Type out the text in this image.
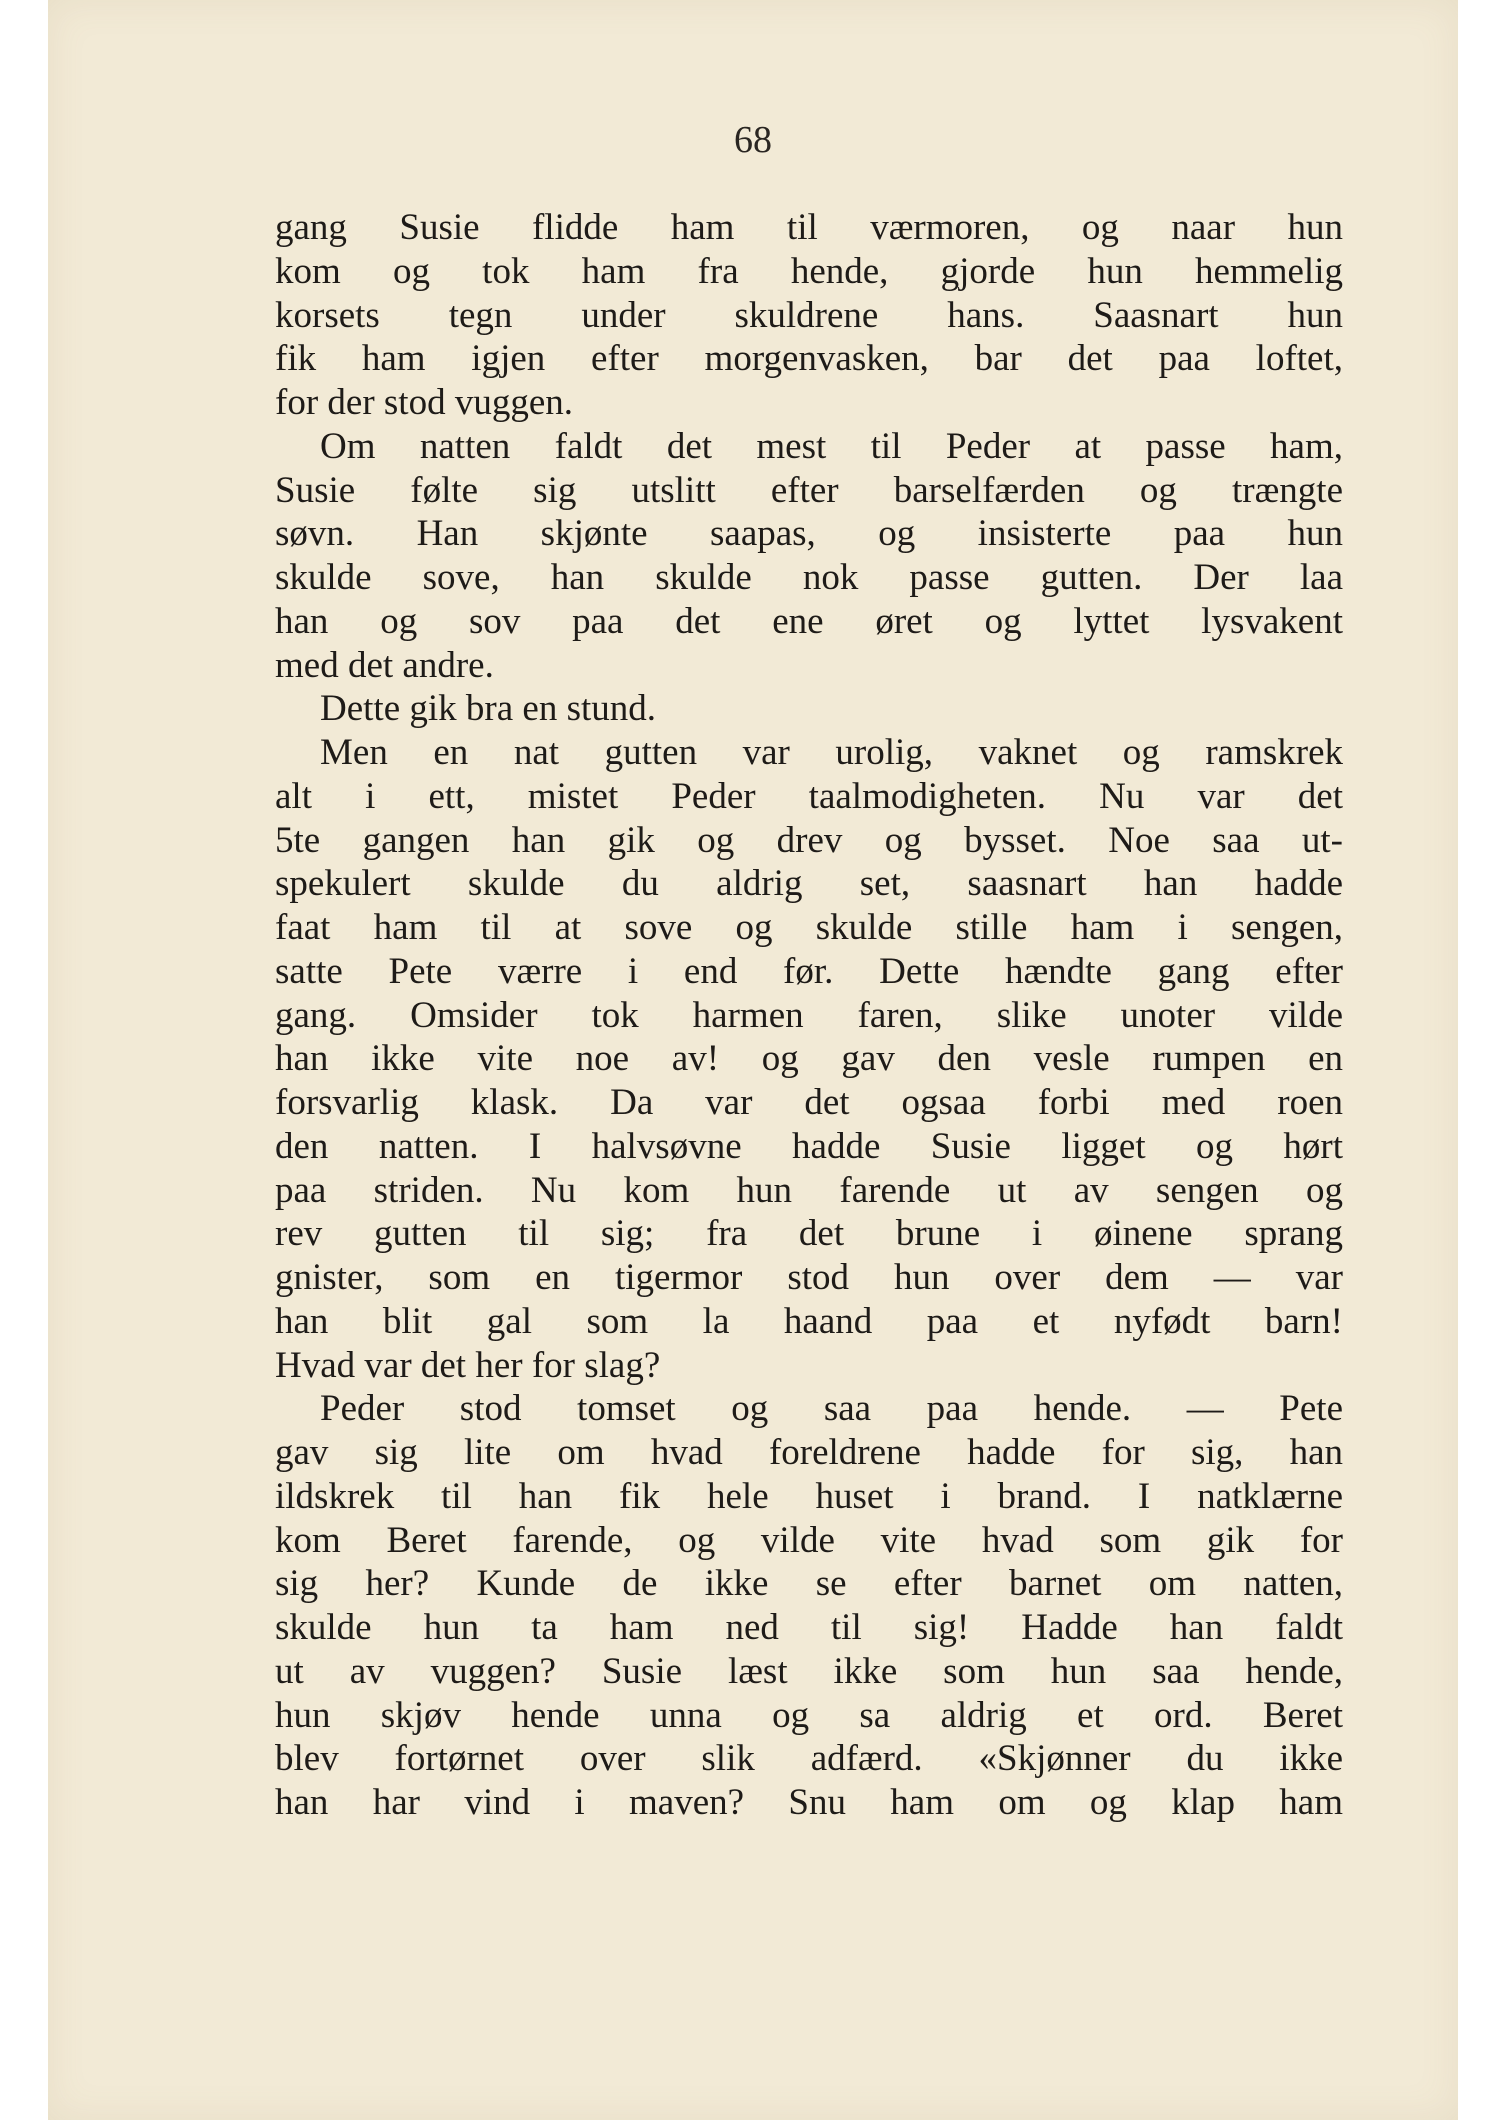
68
gang Susie flidde ham til værmoren, og naar hun
kom og tok ham fra hende, gjorde hun hemmelig
korsets tegn under skuldrene hans. Saasnart hun
fik ham igjen efter morgenvasken, bar det paa loftet,
for der stod vuggen.
Om natten faldt det mest til Peder at passe ham,
Susie følte sig utslitt efter barselfærden og trængte
søvn. Han skjønte saapas, og insisterte paa hun
skulde sove, han skulde nok passe gutten. Der laa
han og sov paa det ene øret og lyttet lysvakent
med det andre.
Dette gik bra en stund.
Men en nat gutten var urolig, vaknet og ramskrek
alt i ett, mistet Peder taalmodigheten. Nu var det
5te gangen han gik og drev og bysset. Noe saa ut-
spekulert skulde du aldrig set, saasnart han hadde
faat ham til at sove og skulde stille ham i sengen,
satte Pete værre i end før. Dette hændte gang efter
gang. Omsider tok harmen faren, slike unoter vilde
han ikke vite noe av! og gav den vesle rumpen en
forsvarlig klask. Da var det ogsaa forbi med roen
den natten. I halvsøvne hadde Susie ligget og hørt
paa striden. Nu kom hun farende ut av sengen og
rev gutten til sig; fra det brune i øinene sprang
gnister, som en tigermor stod hun over dem — var
han blit gal som la haand paa et nyfødt barn!
Hvad var det her for slag?
Peder stod tomset og saa paa hende. — Pete
gav sig lite om hvad foreldrene hadde for sig, han
ildskrek til han fik hele huset i brand. I natklærne
kom Beret farende, og vilde vite hvad som gik for
sig her? Kunde de ikke se efter barnet om natten,
skulde hun ta ham ned til sig! Hadde han faldt
ut av vuggen? Susie læst ikke som hun saa hende,
hun skjøv hende unna og sa aldrig et ord. Beret
blev fortørnet over slik adfærd. «Skjønner du ikke
han har vind i maven? Snu ham om og klap ham
